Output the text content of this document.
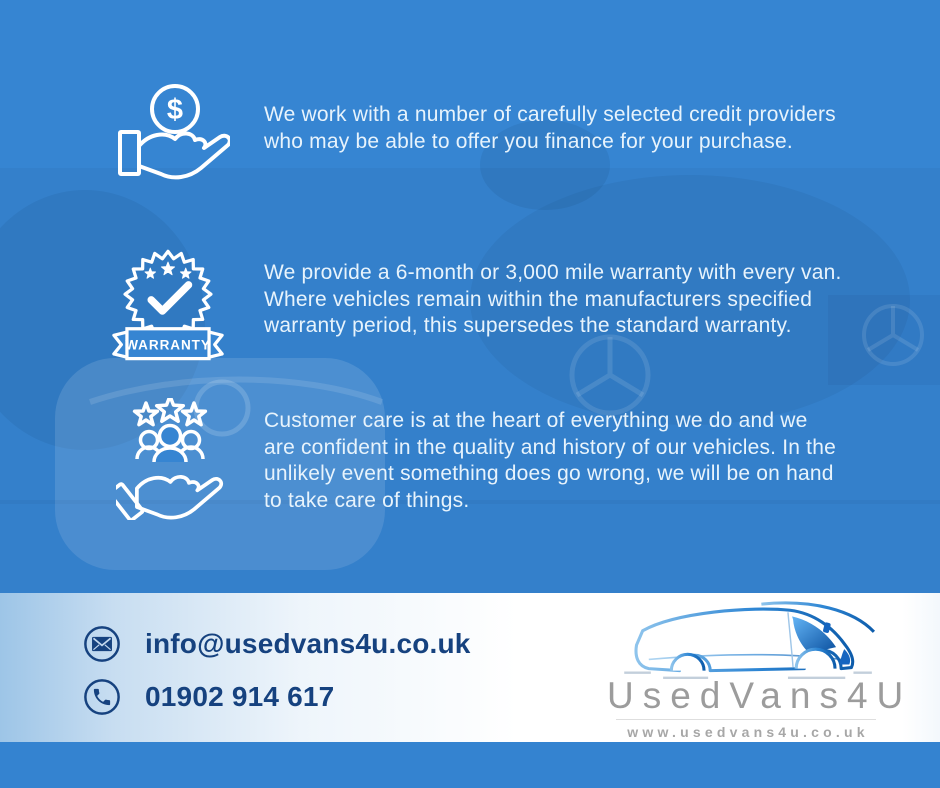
$	We work with a number of carefully selected credit providers who may be able to offer you finance for your purchase.

WARRANTY

We provide a 6-month or 3,000 mile warranty with every van. Where vehicles remain within the manufacturers specified warranty period, this supersedes the standard warranty.

Customer care is at the heart of everything we do and we are confident in the quality and history of our vehicles. In the unlikely event something does go wrong, we will be on hand to take care of things.

info@usedvans4u.co.uk
01902 914 617	UsedVans4U
www.usedvans4u.co.uk
